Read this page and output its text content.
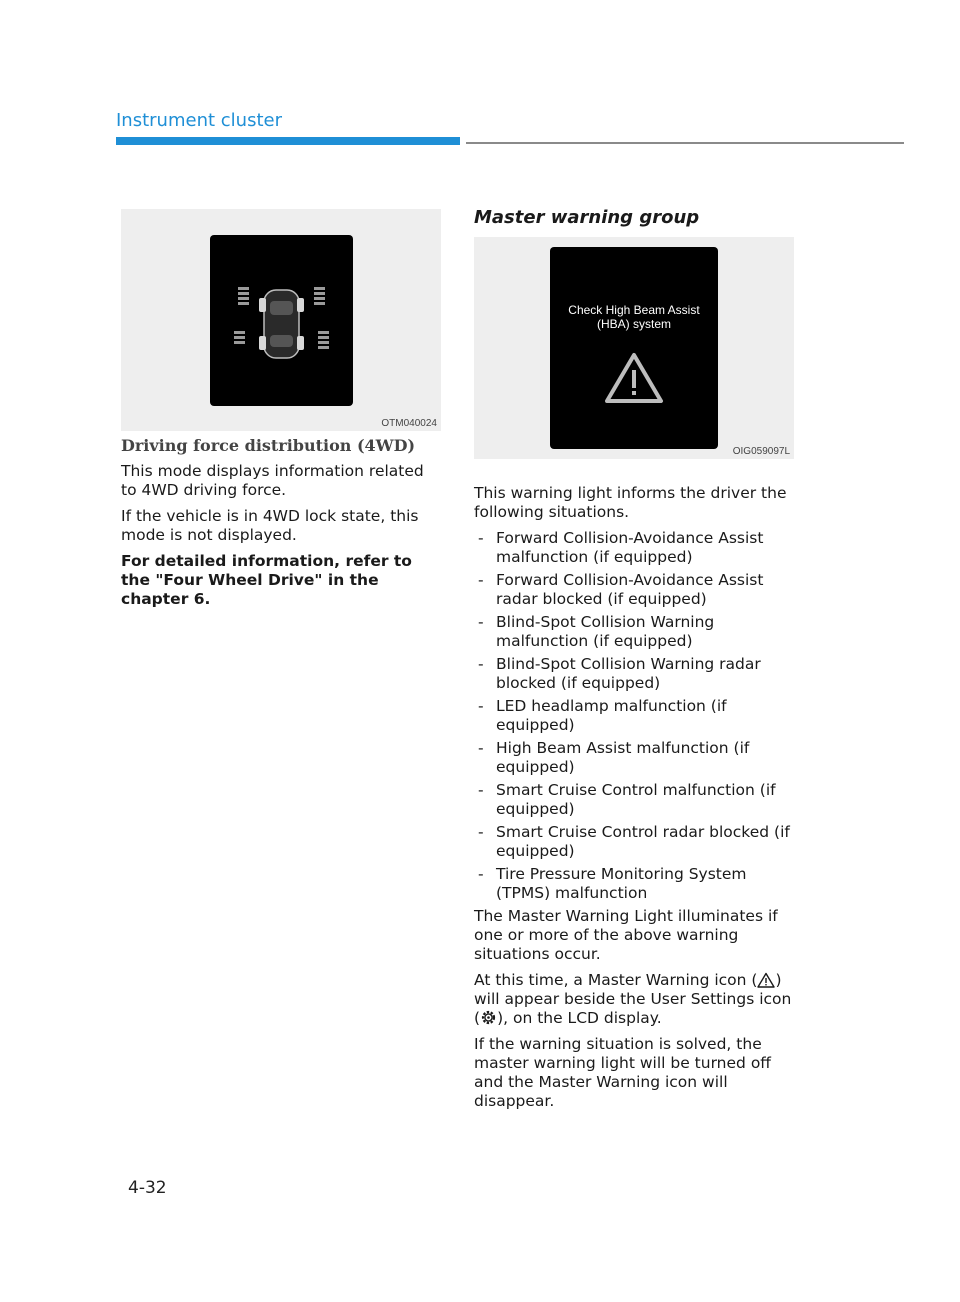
Instrument cluster
OTM040024
Driving force distribution (4WD)

This mode displays information related to 4WD driving force.

If the vehicle is in 4WD lock state, this mode is not displayed.

For detailed information, refer to the "Four Wheel Drive" in the chapter 6.

Check High Beam Assist
(HBA) system
OIG059097L
Master warning group

This warning light informs the driver the following situations.

- Forward Collision-Avoidance Assist malfunction (if equipped)
- Forward Collision-Avoidance Assist radar blocked (if equipped)
- Blind-Spot Collision Warning malfunction (if equipped)
- Blind-Spot Collision Warning radar blocked (if equipped)
- LED headlamp malfunction (if equipped)
- High Beam Assist malfunction (if equipped)
- Smart Cruise Control malfunction (if equipped)
- Smart Cruise Control radar blocked (if equipped)
- Tire Pressure Monitoring System (TPMS) malfunction

The Master Warning Light illuminates if one or more of the above warning situations occur.

At this time, a Master Warning icon ( ) will appear beside the User Settings icon ( ), on the LCD display.

If the warning situation is solved, the master warning light will be turned off and the Master Warning icon will disappear.

4-32
